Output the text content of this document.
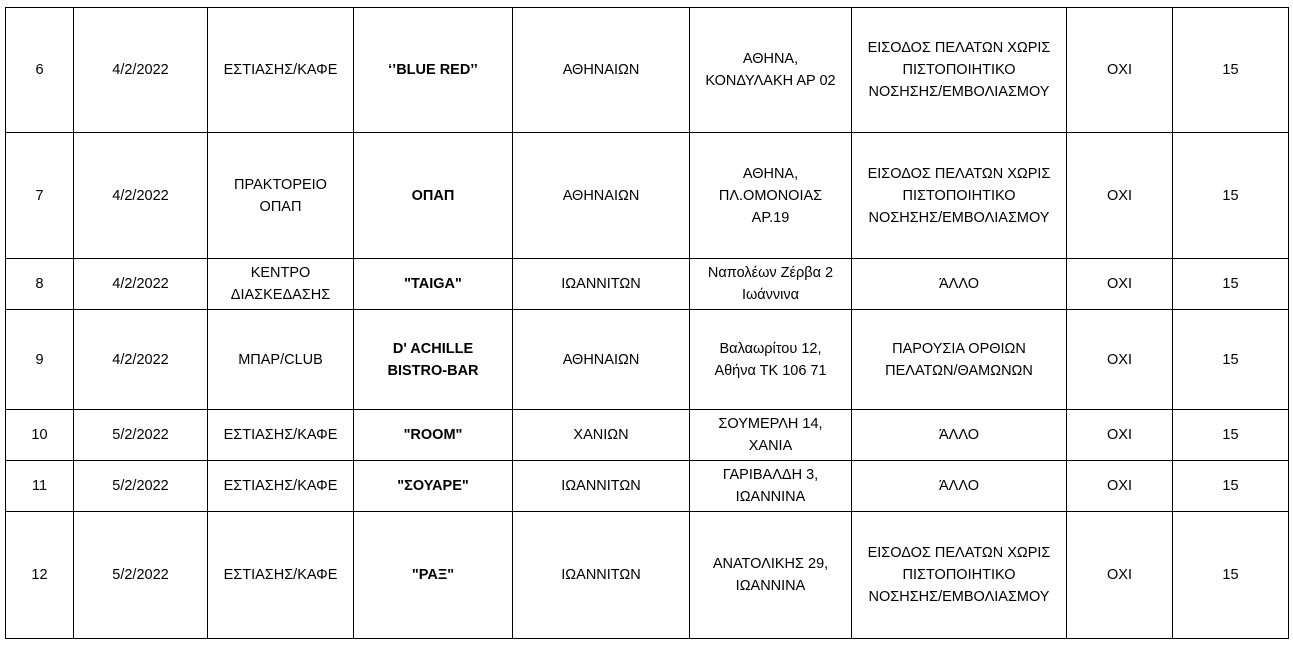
6	4/2/2022	ΕΣΤΙΑΣΗΣ/ΚΑΦΕ	‘’BLUE RED’’	ΑΘΗΝΑΙΩΝ	ΑΘΗΝΑ,
ΚΟΝΔΥΛΑΚΗ ΑΡ 02	ΕΙΣΟΔΟΣ ΠΕΛΑΤΩΝ ΧΩΡΙΣ
ΠΙΣΤΟΠΟΙΗΤΙΚΟ
ΝΟΣΗΣΗΣ/ΕΜΒΟΛΙΑΣΜΟΥ	ΟΧΙ	15
7	4/2/2022	ΠΡΑΚΤΟΡΕΙΟ
ΟΠΑΠ	ΟΠΑΠ	ΑΘΗΝΑΙΩΝ	ΑΘΗΝΑ,
ΠΛ.ΟΜΟΝΟΙΑΣ
ΑΡ.19	ΕΙΣΟΔΟΣ ΠΕΛΑΤΩΝ ΧΩΡΙΣ
ΠΙΣΤΟΠΟΙΗΤΙΚΟ
ΝΟΣΗΣΗΣ/ΕΜΒΟΛΙΑΣΜΟΥ	ΟΧΙ	15
8	4/2/2022	ΚΕΝΤΡΟ
ΔΙΑΣΚΕΔΑΣΗΣ	"TAIGA"	ΙΩΑΝΝΙΤΩΝ	Ναπολέων Ζέρβα 2
Ιωάννινα	ΆΛΛΟ	ΟΧΙ	15
9	4/2/2022	ΜΠΑΡ/CLUB	D' ACHILLE
BISTRO-BAR	ΑΘΗΝΑΙΩΝ	Βαλαωρίτου 12,
Αθήνα ΤΚ 106 71	ΠΑΡΟΥΣΙΑ ΟΡΘΙΩΝ
ΠΕΛΑΤΩΝ/ΘΑΜΩΝΩΝ	ΟΧΙ	15
10	5/2/2022	ΕΣΤΙΑΣΗΣ/ΚΑΦΕ	"ROOM"	ΧΑΝΙΩΝ	ΣΟΥΜΕΡΛΗ 14,
ΧΑΝΙΑ	ΆΛΛΟ	ΟΧΙ	15
11	5/2/2022	ΕΣΤΙΑΣΗΣ/ΚΑΦΕ	"ΣΟΥΑΡΕ"	ΙΩΑΝΝΙΤΩΝ	ΓΑΡΙΒΑΛΔΗ 3,
ΙΩΑΝΝΙΝΑ	ΆΛΛΟ	ΟΧΙ	15
12	5/2/2022	ΕΣΤΙΑΣΗΣ/ΚΑΦΕ	"ΡΑΞ"	ΙΩΑΝΝΙΤΩΝ	ΑΝΑΤΟΛΙΚΗΣ 29,
ΙΩΑΝΝΙΝΑ	ΕΙΣΟΔΟΣ ΠΕΛΑΤΩΝ ΧΩΡΙΣ
ΠΙΣΤΟΠΟΙΗΤΙΚΟ
ΝΟΣΗΣΗΣ/ΕΜΒΟΛΙΑΣΜΟΥ	ΟΧΙ	15
